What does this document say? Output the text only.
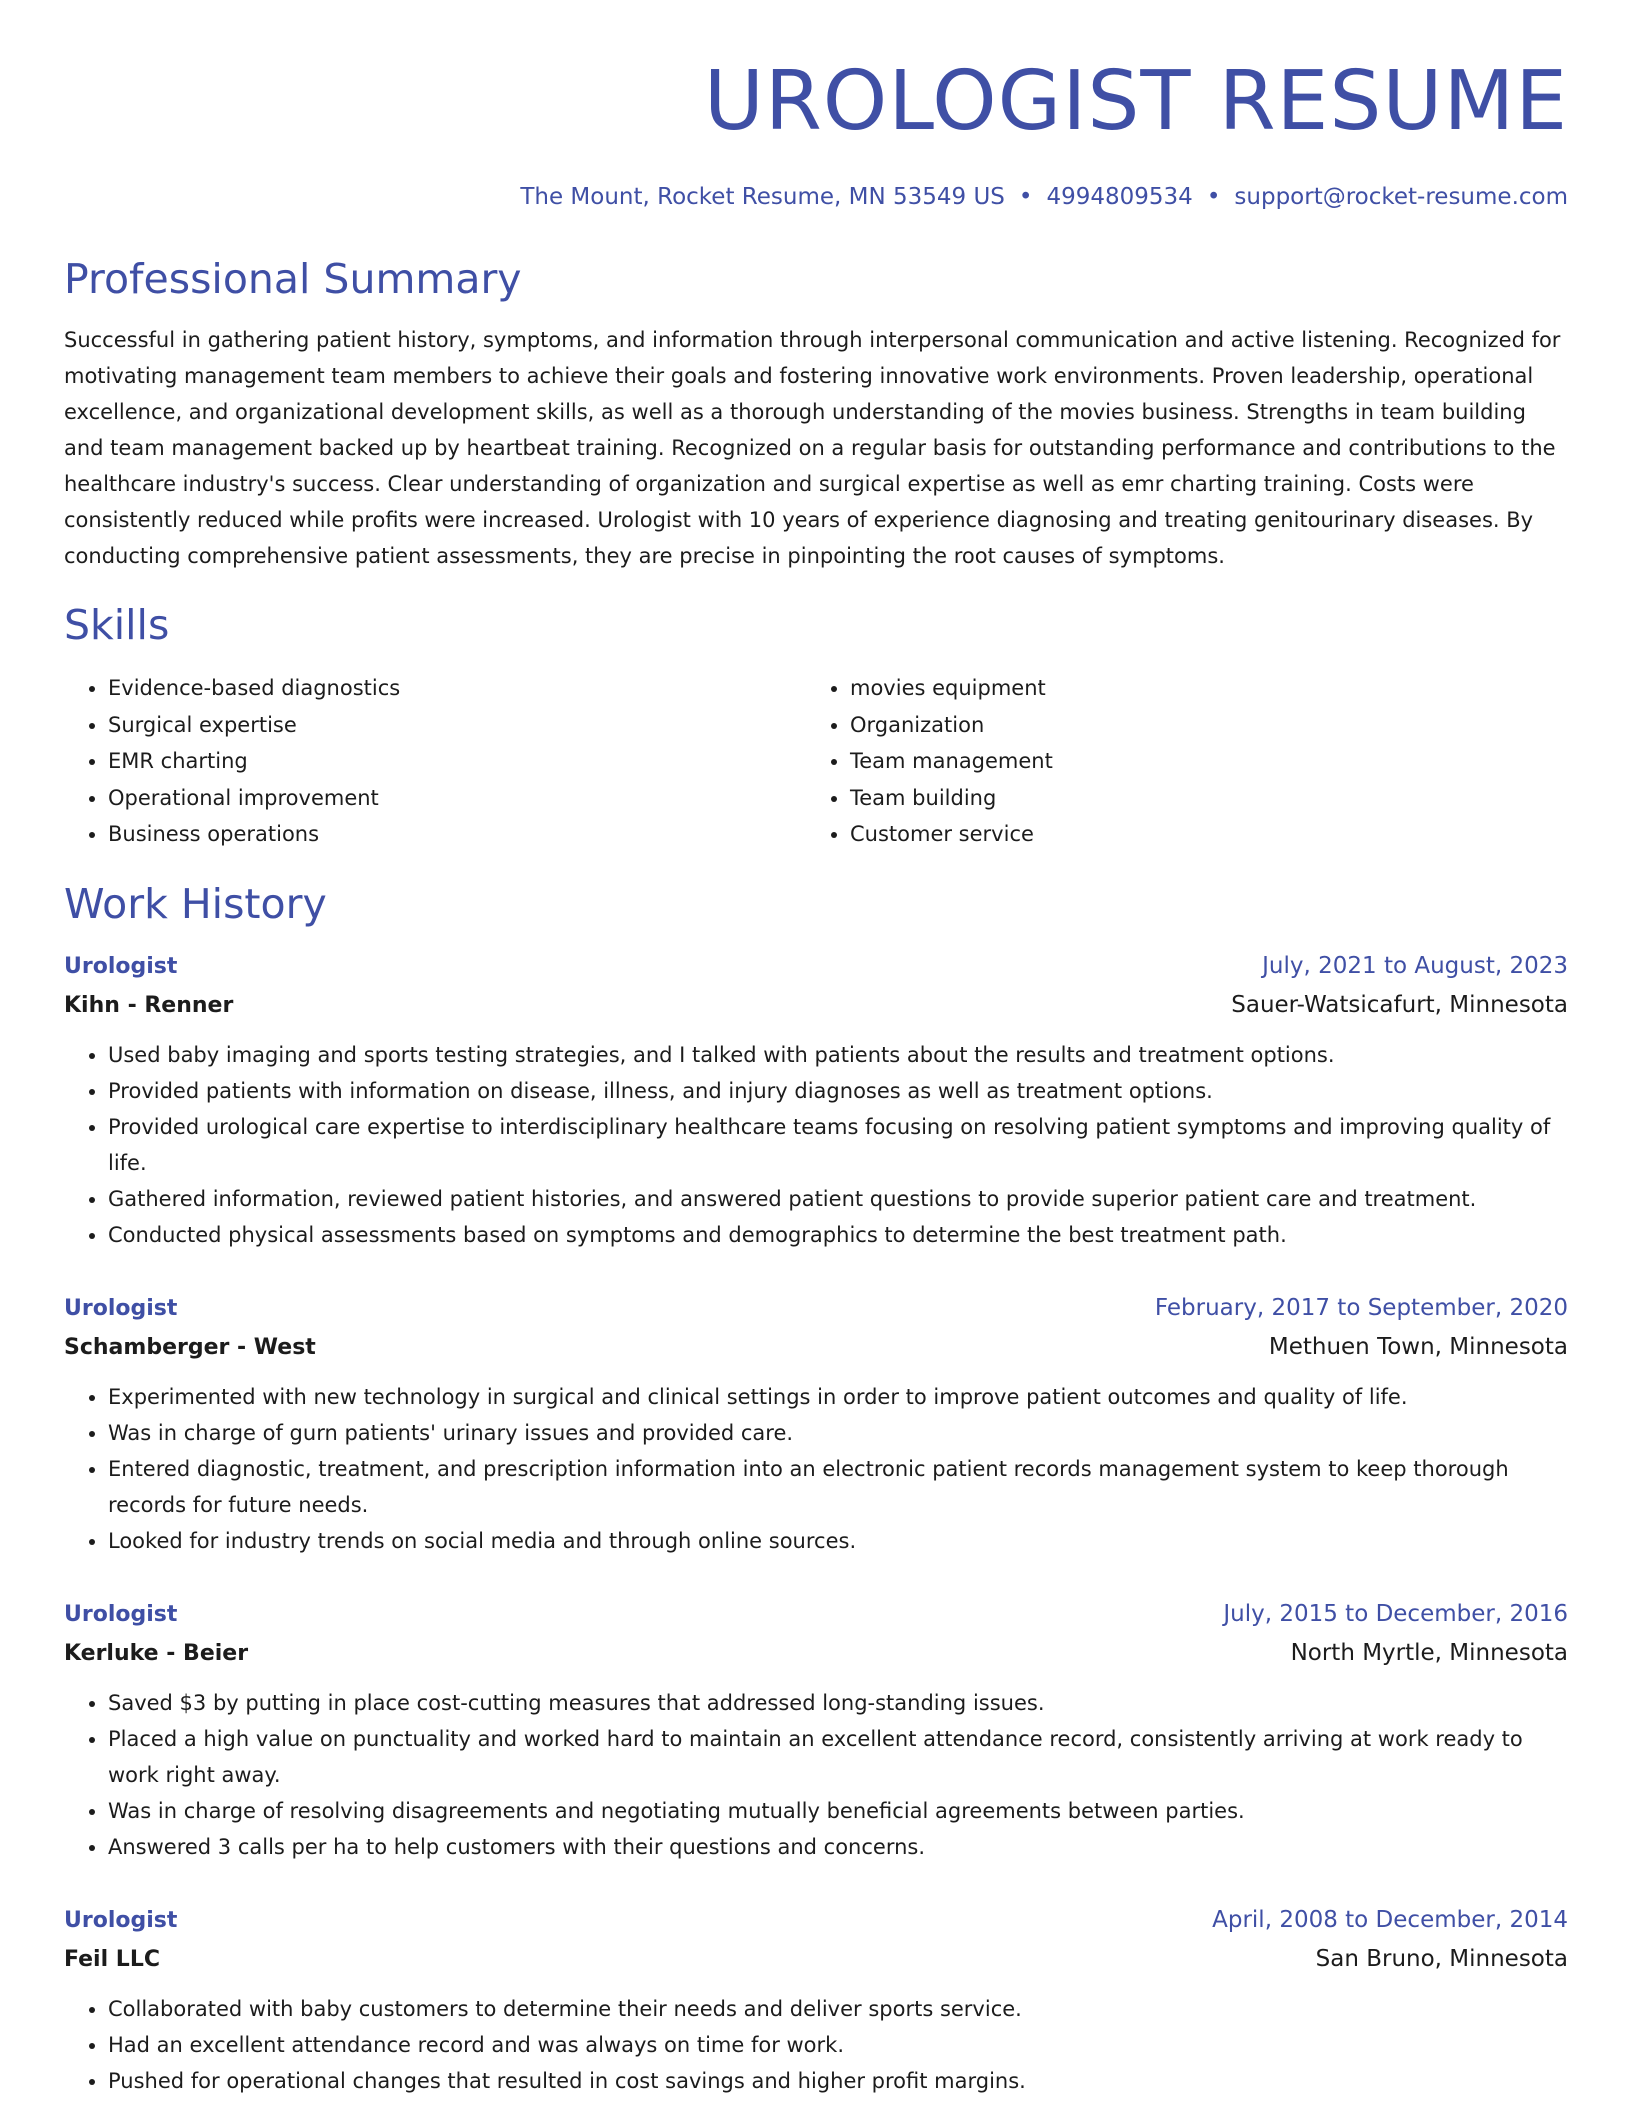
UROLOGIST RESUME
The Mount, Rocket Resume, MN 53549 US • 4994809534 • support@rocket-resume.com
Professional Summary
Successful in gathering patient history, symptoms, and information through interpersonal communication and active listening. Recognized for motivating management team members to achieve their goals and fostering innovative work environments. Proven leadership, operational excellence, and organizational development skills, as well as a thorough understanding of the movies business. Strengths in team building and team management backed up by heartbeat training. Recognized on a regular basis for outstanding performance and contributions to the healthcare industry's success. Clear understanding of organization and surgical expertise as well as emr charting training. Costs were consistently reduced while profits were increased. Urologist with 10 years of experience diagnosing and treating genitourinary diseases. By conducting comprehensive patient assessments, they are precise in pinpointing the root causes of symptoms.
Skills
• Evidence-based diagnostics
• Surgical expertise
• EMR charting
• Operational improvement
• Business operations
• movies equipment
• Organization
• Team management
• Team building
• Customer service
Work History
Urologist	July, 2021 to August, 2023
Kihn - Renner	Sauer-Watsicafurt, Minnesota
• Used baby imaging and sports testing strategies, and I talked with patients about the results and treatment options.
• Provided patients with information on disease, illness, and injury diagnoses as well as treatment options.
• Provided urological care expertise to interdisciplinary healthcare teams focusing on resolving patient symptoms and improving quality of life.
• Gathered information, reviewed patient histories, and answered patient questions to provide superior patient care and treatment.
• Conducted physical assessments based on symptoms and demographics to determine the best treatment path.
Urologist	February, 2017 to September, 2020
Schamberger - West	Methuen Town, Minnesota
• Experimented with new technology in surgical and clinical settings in order to improve patient outcomes and quality of life.
• Was in charge of gurn patients' urinary issues and provided care.
• Entered diagnostic, treatment, and prescription information into an electronic patient records management system to keep thorough records for future needs.
• Looked for industry trends on social media and through online sources.
Urologist	July, 2015 to December, 2016
Kerluke - Beier	North Myrtle, Minnesota
• Saved $3 by putting in place cost-cutting measures that addressed long-standing issues.
• Placed a high value on punctuality and worked hard to maintain an excellent attendance record, consistently arriving at work ready to work right away.
• Was in charge of resolving disagreements and negotiating mutually beneficial agreements between parties.
• Answered 3 calls per ha to help customers with their questions and concerns.
Urologist	April, 2008 to December, 2014
Feil LLC	San Bruno, Minnesota
• Collaborated with baby customers to determine their needs and deliver sports service.
• Had an excellent attendance record and was always on time for work.
• Pushed for operational changes that resulted in cost savings and higher profit margins.
